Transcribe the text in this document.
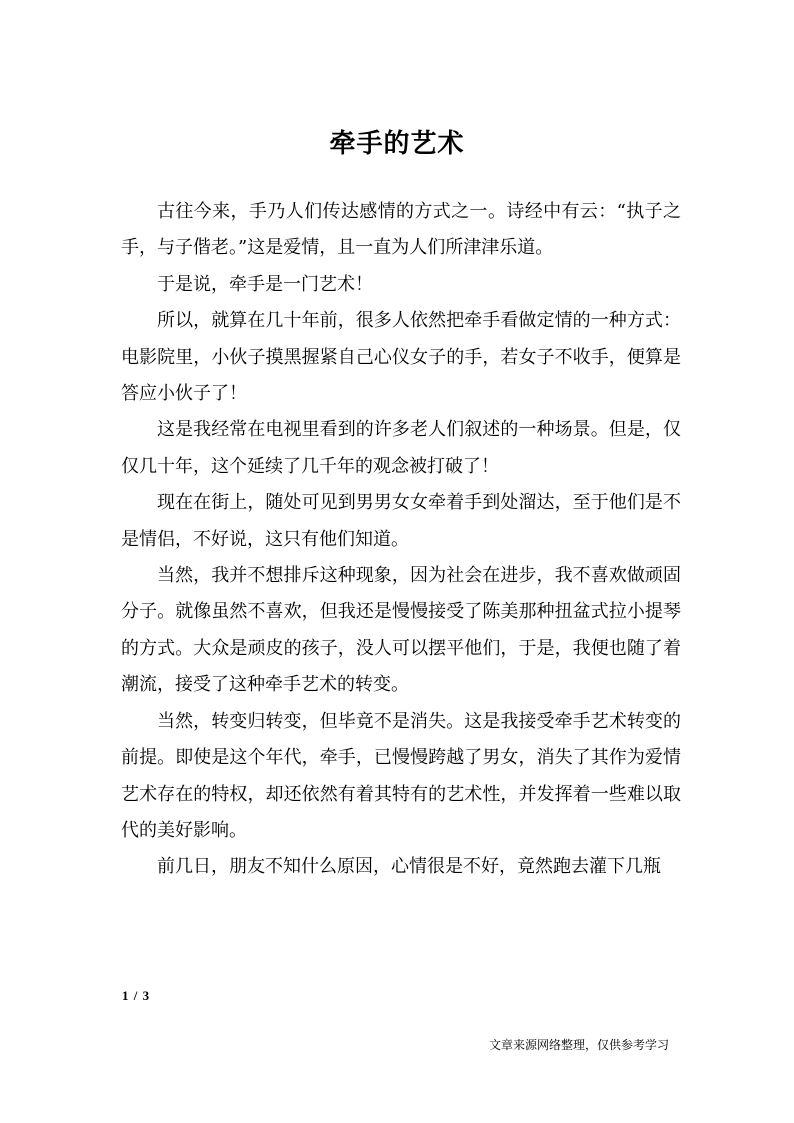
牵手的艺术

古往今来，手乃人们传达感情的方式之一。诗经中有云：“执子之手，与子偕老。”这是爱情，且一直为人们所津津乐道。

于是说，牵手是一门艺术！

所以，就算在几十年前，很多人依然把牵手看做定情的一种方式：电影院里，小伙子摸黑握紧自己心仪女子的手，若女子不收手，便算是答应小伙子了！

这是我经常在电视里看到的许多老人们叙述的一种场景。但是，仅仅几十年，这个延续了几千年的观念被打破了！

现在在街上，随处可见到男男女女牵着手到处溜达，至于他们是不是情侣，不好说，这只有他们知道。

当然，我并不想排斥这种现象，因为社会在进步，我不喜欢做顽固分子。就像虽然不喜欢，但我还是慢慢接受了陈美那种扭盆式拉小提琴的方式。大众是顽皮的孩子，没人可以摆平他们，于是，我便也随了着潮流，接受了这种牵手艺术的转变。

当然，转变归转变，但毕竟不是消失。这是我接受牵手艺术转变的前提。即使是这个年代，牵手，已慢慢跨越了男女，消失了其作为爱情艺术存在的特权，却还依然有着其特有的艺术性，并发挥着一些难以取代的美好影响。

前几日，朋友不知什么原因，心情很是不好，竟然跑去灌下几瓶

1 / 3
文章来源网络整理，仅供参考学习
